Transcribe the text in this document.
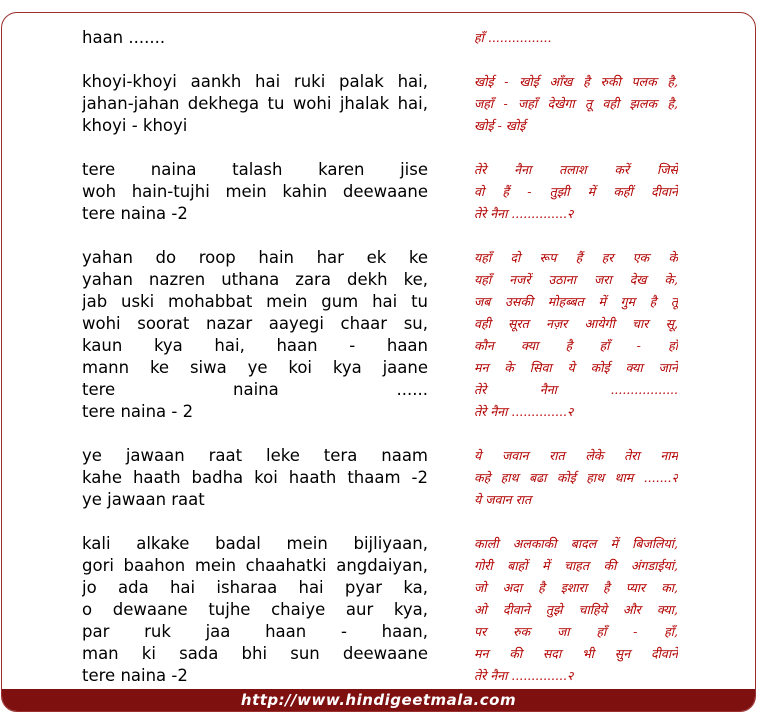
haan .......
khoyi-khoyi aankh hai ruki palak hai,
jahan-jahan dekhega tu wohi jhalak hai,
khoyi - khoyi
tere naina talash karen jise
woh hain-tujhi mein kahin deewaane
tere naina -2
yahan do roop hain har ek ke
yahan nazren uthana zara dekh ke,
jab uski mohabbat mein gum hai tu
wohi soorat nazar aayegi chaar su,
kaun kya hai, haan - haan
mann ke siwa ye koi kya jaane
tere naina ......
tere naina - 2
ye jawaan raat leke tera naam
kahe haath badha koi haath thaam -2
ye jawaan raat
kali alkake badal mein bijliyaan,
gori baahon mein chaahatki angdaiyan,
jo ada hai isharaa hai pyar ka,
o dewaane tujhe chaiye aur kya,
par ruk jaa haan - haan,
man ki sada bhi sun deewaane
tere naina -2
हाँ ................
खोई - खोई आँख है रुकी पलक है,
जहाँ - जहाँ देखेगा तू वही झलक है,
खोई - खोई
तेरे नैना तलाश करें जिसे
वो हैं - तुझी में कहीं दीवाने
तेरे नैना ..............२
यहाँ दो रूप हैं हर एक के
यहाँ नजरें उठाना जरा देख के,
जब उसकी मोहब्बत में गुम है तू
वही सूरत नज़र आयेगी चार सू,
कौन क्या है हाँ - हाँ
मन के सिवा ये कोई क्या जाने
तेरे नैना .................
तेरे नैना ..............२
ये जवान रात लेके तेरा नाम
कहे हाथ बढा कोई हाथ थाम .......२
ये जवान रात
काली अलकाकी बादल में बिजलियां,
गोरी बाहों में चाहत की अंगडाईयां,
जो अदा है इशारा है प्यार का,
ओ दीवाने तुझे चाहिये और क्या,
पर रुक जा हाँ - हाँ,
मन की सदा भी सुन दीवाने
तेरे नैना ..............२
http://www.hindigeetmala.com
